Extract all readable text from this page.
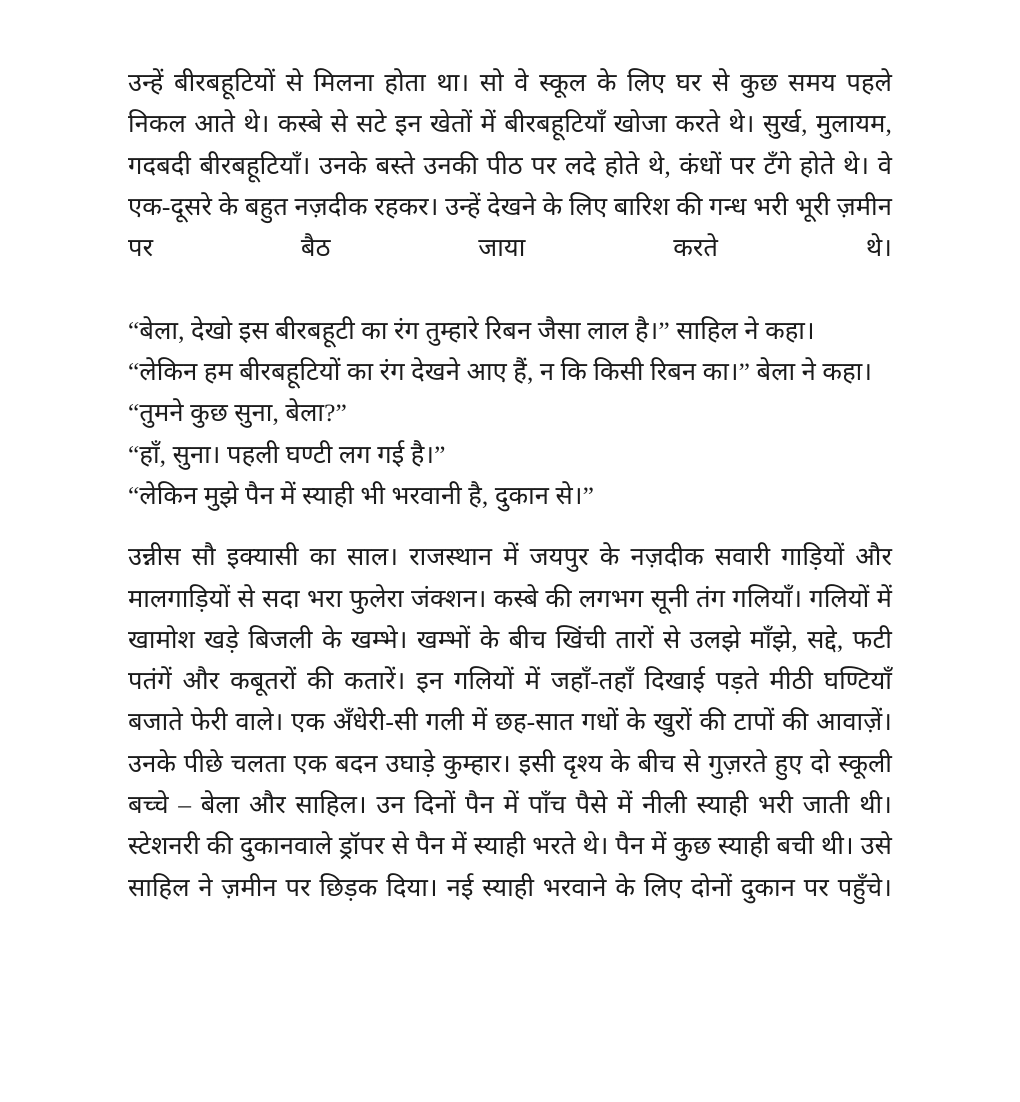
उन्हें बीरबहूटियों से मिलना होता था। सो वे स्कूल के लिए घर से कुछ समय पहले निकल आते थे। कस्बे से सटे इन खेतों में बीरबहूटियाँ खोजा करते थे। सुर्ख, मुलायम, गदबदी बीरबहूटियाँ। उनके बस्ते उनकी पीठ पर लदे होते थे, कंधों पर टँगे होते थे। वे एक-दूसरे के बहुत नज़दीक रहकर। उन्हें देखने के लिए बारिश की गन्ध भरी भूरी ज़मीन पर बैठ जाया करते थे।

“बेला, देखो इस बीरबहूटी का रंग तुम्हारे रिबन जैसा लाल है।” साहिल ने कहा।

“लेकिन हम बीरबहूटियों का रंग देखने आए हैं, न कि किसी रिबन का।” बेला ने कहा।

“तुमने कुछ सुना, बेला?”

“हाँ, सुना। पहली घण्टी लग गई है।”

“लेकिन मुझे पैन में स्याही भी भरवानी है, दुकान से।”

उन्नीस सौ इक्यासी का साल। राजस्थान में जयपुर के नज़दीक सवारी गाड़ियों और मालगाड़ियों से सदा भरा फुलेरा जंक्शन। कस्बे की लगभग सूनी तंग गलियाँ। गलियों में खामोश खड़े बिजली के खम्भे। खम्भों के बीच खिंची तारों से उलझे माँझे, सद्दे, फटी पतंगें और कबूतरों की कतारें। इन गलियों में जहाँ-तहाँ दिखाई पड़ते मीठी घण्टियाँ बजाते फेरी वाले। एक अँधेरी-सी गली में छह-सात गधों के खुरों की टापों की आवाज़ें। उनके पीछे चलता एक बदन उघाड़े कुम्हार। इसी दृश्य के बीच से गुज़रते हुए दो स्कूली बच्चे – बेला और साहिल। उन दिनों पैन में पाँच पैसे में नीली स्याही भरी जाती थी। स्टेशनरी की दुकानवाले ड्रॉपर से पैन में स्याही भरते थे। पैन में कुछ स्याही बची थी। उसे साहिल ने ज़मीन पर छिड़क दिया। नई स्याही भरवाने के लिए दोनों दुकान पर पहुँचे।
